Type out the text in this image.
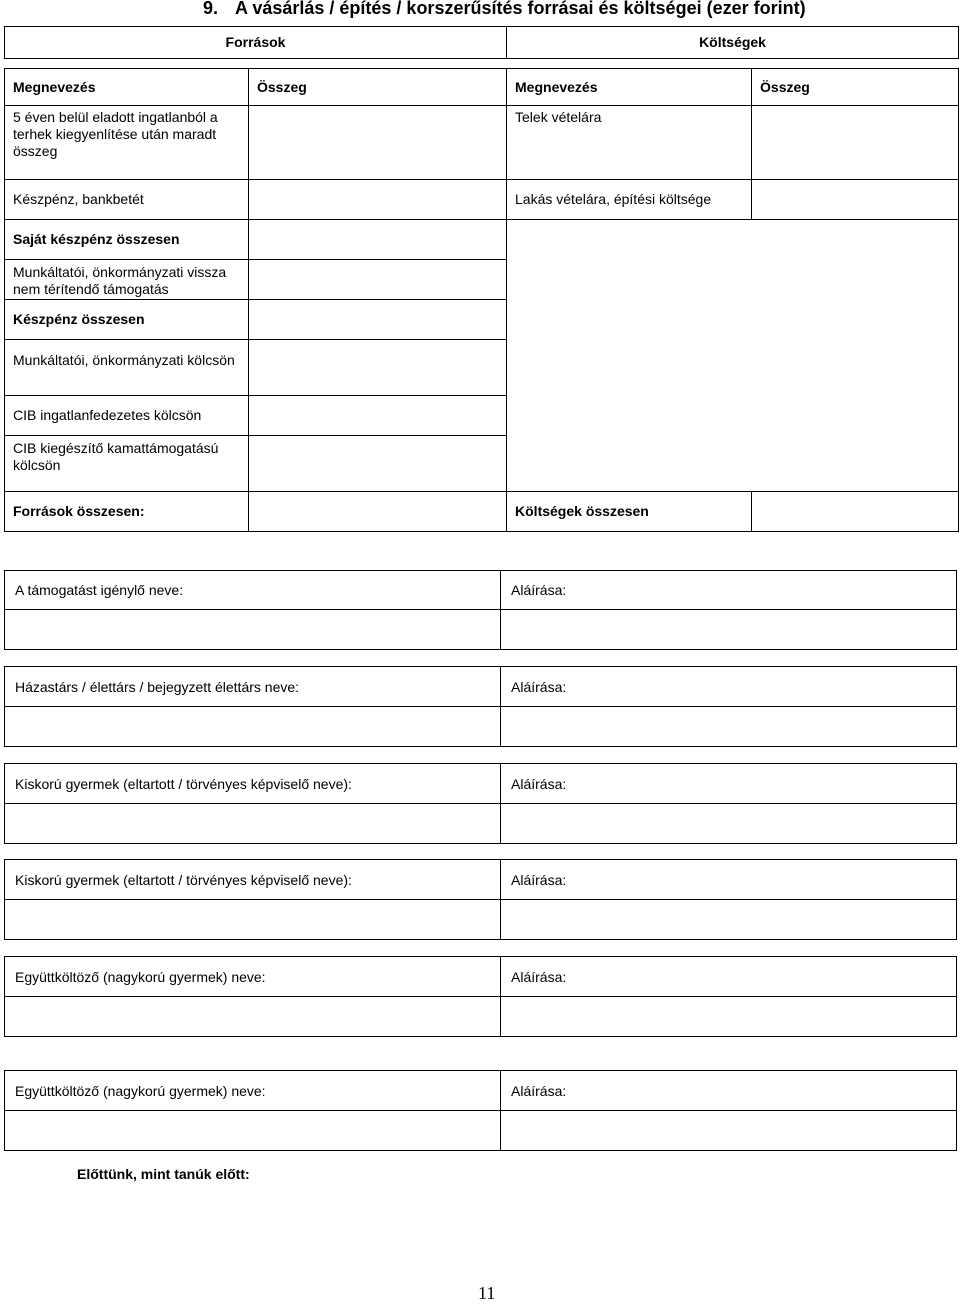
9. A vásárlás / építés / korszerűsítés forrásai és költségei (ezer forint)
Források		Költségek	

Megnevezés	Összeg	Megnevezés	Összeg
5 éven belül eladott ingatlanból a terhek kiegyenlítése után maradt összeg		Telek vételára	
Készpénz, bankbetét		Lakás vételára, építési költsége	
Saját készpénz összesen			
Munkáltatói, önkormányzati vissza nem térítendő támogatás			
Készpénz összesen			
Munkáltatói, önkormányzati kölcsön			
CIB ingatlanfedezetes kölcsön			
CIB kiegészítő kamattámogatású kölcsön			
Források összesen:		Költségek összesen	
A támogatást igénylő neve:	Aláírása:

Házastárs / élettárs / bejegyzett élettárs neve:	Aláírása:

Kiskorú gyermek (eltartott / törvényes képviselő neve):	Aláírása:

Kiskorú gyermek (eltartott / törvényes képviselő neve):	Aláírása:

Együttköltöző (nagykorú gyermek) neve:	Aláírása:

Együttköltöző (nagykorú gyermek) neve:	Aláírása:

Előttünk, mint tanúk előtt:
11
